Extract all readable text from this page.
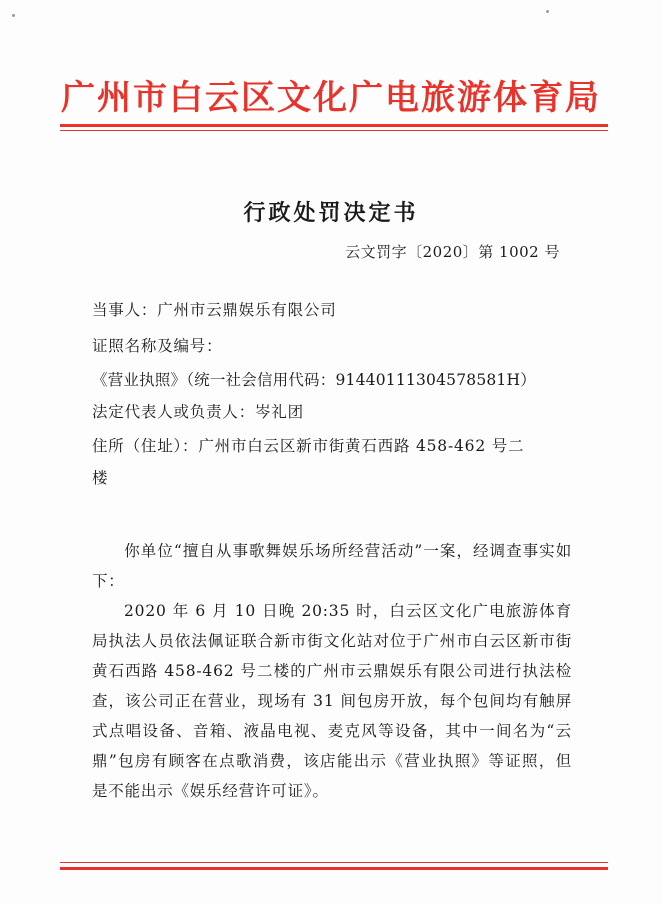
广州市白云区文化广电旅游体育局
行政处罚决定书
云文罚字〔2020〕第 1002 号
当事人：广州市云鼎娱乐有限公司
证照名称及编号：
《营业执照》（统一社会信用代码：91440111304578581H）
法定代表人或负责人：岑礼团
住所（住址）：广州市白云区新市街黄石西路 458-462 号二
楼
你单位“擅自从事歌舞娱乐场所经营活动”一案，经调查事实如下：
2020 年 6 月 10 日晚 20:35 时，白云区文化广电旅游体育局执法人员依法佩证联合新市街文化站对位于广州市白云区新市街黄石西路 458-462 号二楼的广州市云鼎娱乐有限公司进行执法检查，该公司正在营业，现场有 31 间包房开放，每个包间均有触屏式点唱设备、音箱、液晶电视、麦克风等设备，其中一间名为“云鼎”包房有顾客在点歌消费，该店能出示《营业执照》等证照，但是不能出示《娱乐经营许可证》。
